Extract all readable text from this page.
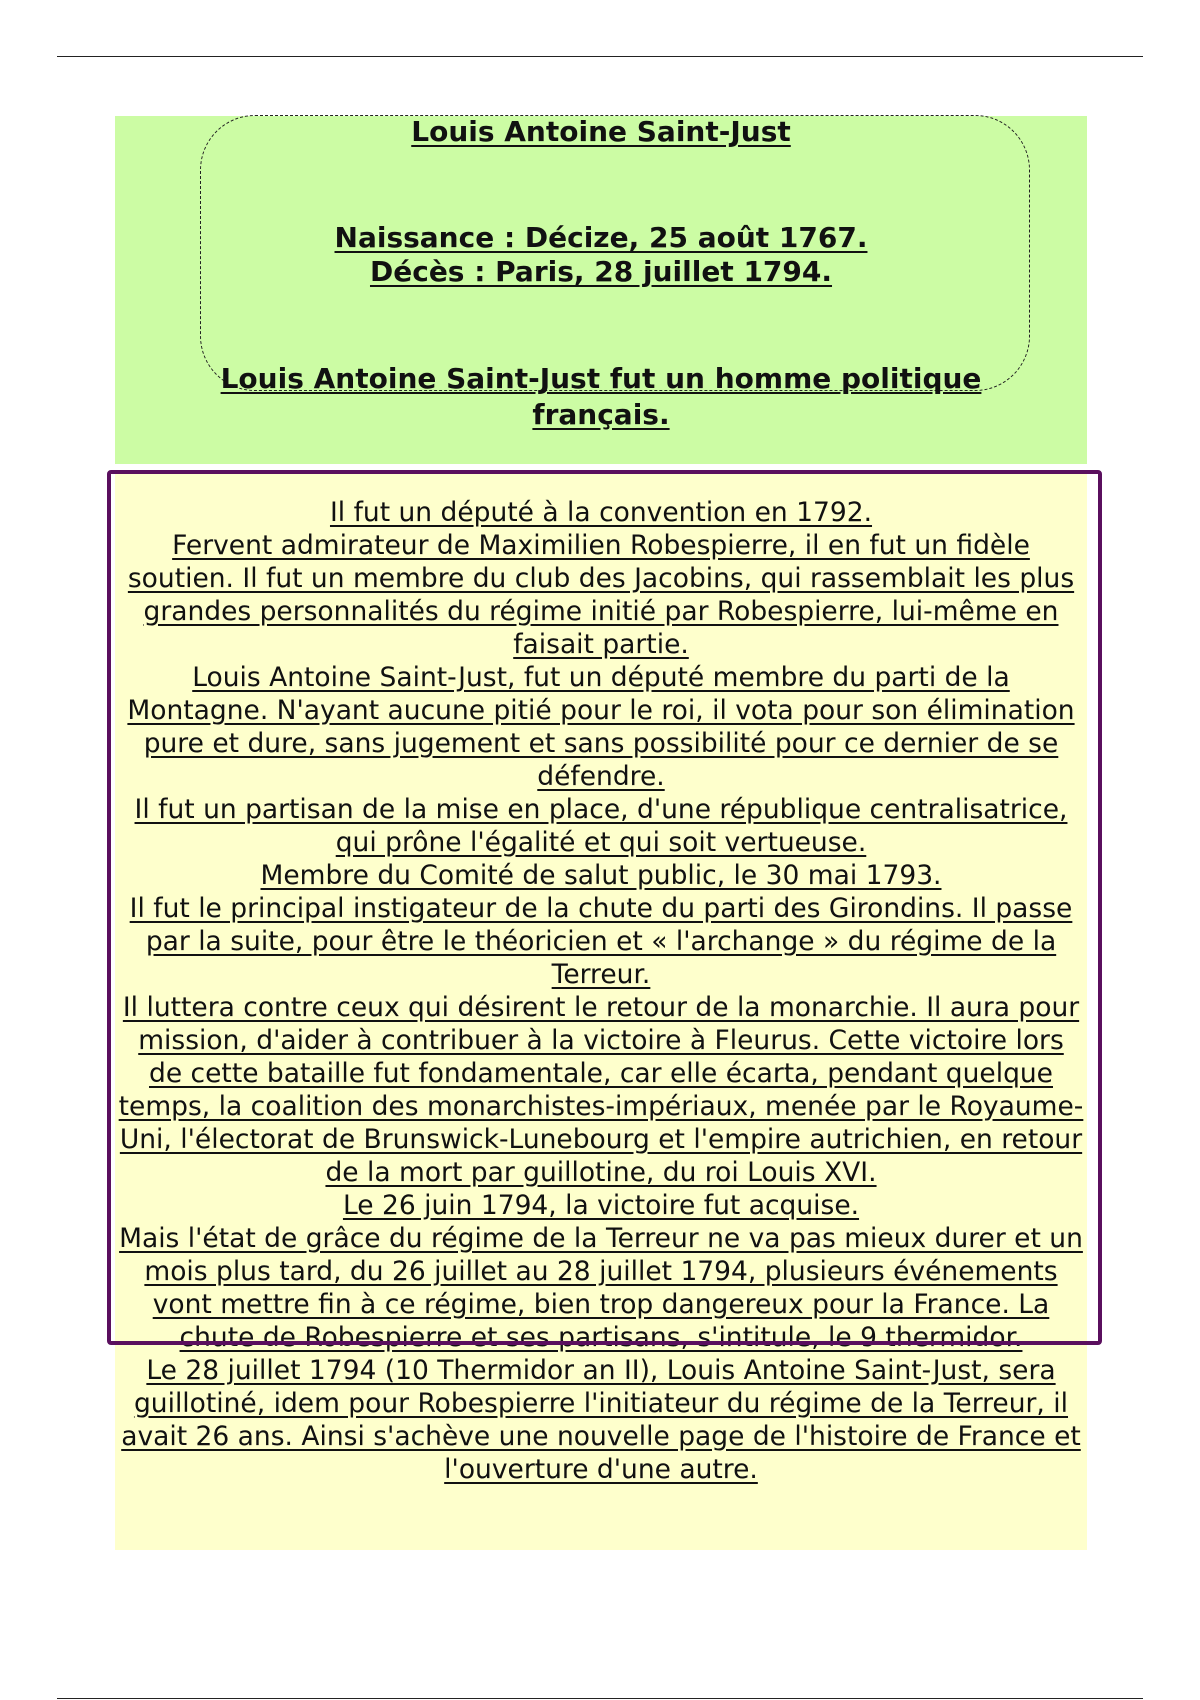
Louis Antoine Saint-Just

Naissance : Décize, 25 août 1767.

Décès : Paris, 28 juillet 1794.

Louis Antoine Saint-Just fut un homme politique français.

Il fut un député à la convention en 1792.

Fervent admirateur de Maximilien Robespierre, il en fut un fidèle soutien. Il fut un membre du club des Jacobins, qui rassemblait les plus grandes personnalités du régime initié par Robespierre, lui-même en faisait partie.

Louis Antoine Saint-Just, fut un député membre du parti de la Montagne. N'ayant aucune pitié pour le roi, il vota pour son élimination pure et dure, sans jugement et sans possibilité pour ce dernier de se défendre.

Il fut un partisan de la mise en place, d'une république centralisatrice, qui prône l'égalité et qui soit vertueuse.

Membre du Comité de salut public, le 30 mai 1793.

Il fut le principal instigateur de la chute du parti des Girondins. Il passe par la suite, pour être le théoricien et « l'archange » du régime de la Terreur.

Il luttera contre ceux qui désirent le retour de la monarchie. Il aura pour mission, d'aider à contribuer à la victoire à Fleurus. Cette victoire lors de cette bataille fut fondamentale, car elle écarta, pendant quelque temps, la coalition des monarchistes-impériaux, menée par le Royaume-Uni, l'électorat de Brunswick-Lunebourg et l'empire autrichien, en retour de la mort par guillotine, du roi Louis XVI.

Le 26 juin 1794, la victoire fut acquise.

Mais l'état de grâce du régime de la Terreur ne va pas mieux durer et un mois plus tard, du 26 juillet au 28 juillet 1794, plusieurs événements vont mettre fin à ce régime, bien trop dangereux pour la France. La chute de Robespierre et ses partisans, s'intitule, le 9 thermidor.

Le 28 juillet 1794 (10 Thermidor an II), Louis Antoine Saint-Just, sera guillotiné, idem pour Robespierre l'initiateur du régime de la Terreur, il avait 26 ans. Ainsi s'achève une nouvelle page de l'histoire de France et l'ouverture d'une autre.
